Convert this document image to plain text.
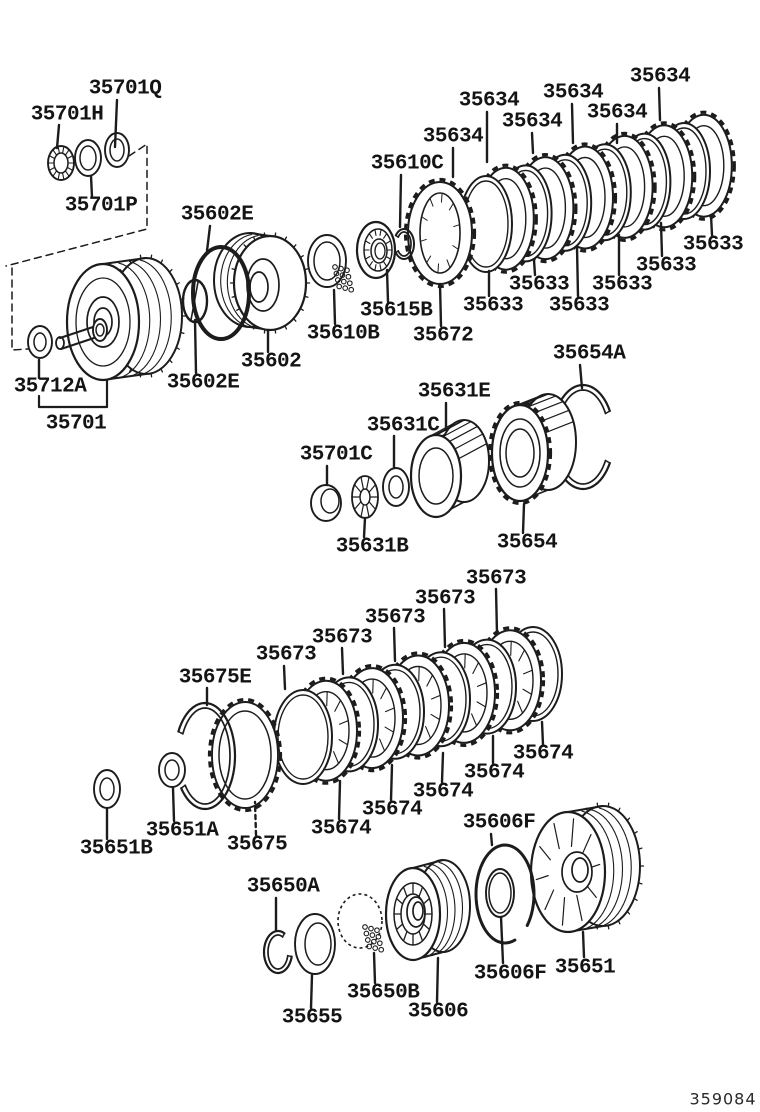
35701Q
35701H
35701P 35602E
35610C
35634
35634
35634
35634
35634
35634
35633
35633
35633
35633
35633
35633
35615B
35672
35610B
35602
35602E
35712A
35701
35654A
35631E
35631C
35701C
35631B	35654
35673
35673
35673
35673
35673
35675E
35674
35674
35674
35674
35674
35651A
35651B	35675
35650A
35655
35650B
35606
35606F
35606F 35651
359084
